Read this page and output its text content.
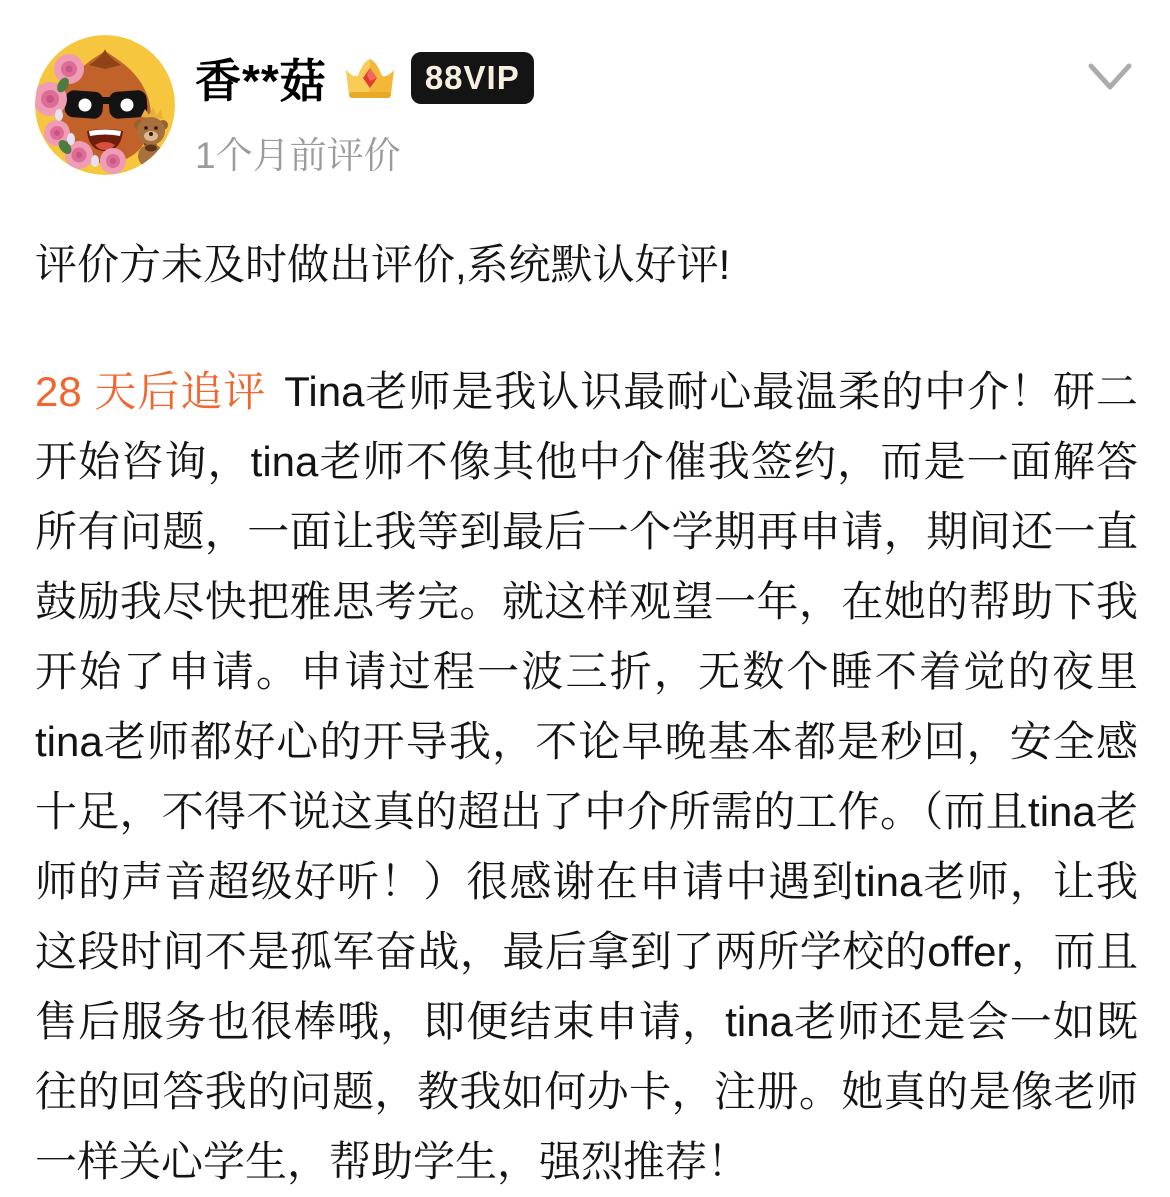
香**菇	88VIP
1个月前评价

评价方未及时做出评价,系统默认好评!

28 天后追评 Tina老师是我认识最耐心最温柔的中介！研二开始咨询，tina老师不像其他中介催我签约，而是一面解答所有问题，一面让我等到最后一个学期再申请，期间还一直鼓励我尽快把雅思考完。就这样观望一年，在她的帮助下我开始了申请。申请过程一波三折，无数个睡不着觉的夜里tina老师都好心的开导我，不论早晚基本都是秒回，安全感十足，不得不说这真的超出了中介所需的工作。（而且tina老师的声音超级好听！）很感谢在申请中遇到tina老师，让我这段时间不是孤军奋战，最后拿到了两所学校的offer，而且售后服务也很棒哦，即便结束申请，tina老师还是会一如既往的回答我的问题，教我如何办卡，注册。她真的是像老师一样关心学生，帮助学生，强烈推荐！
